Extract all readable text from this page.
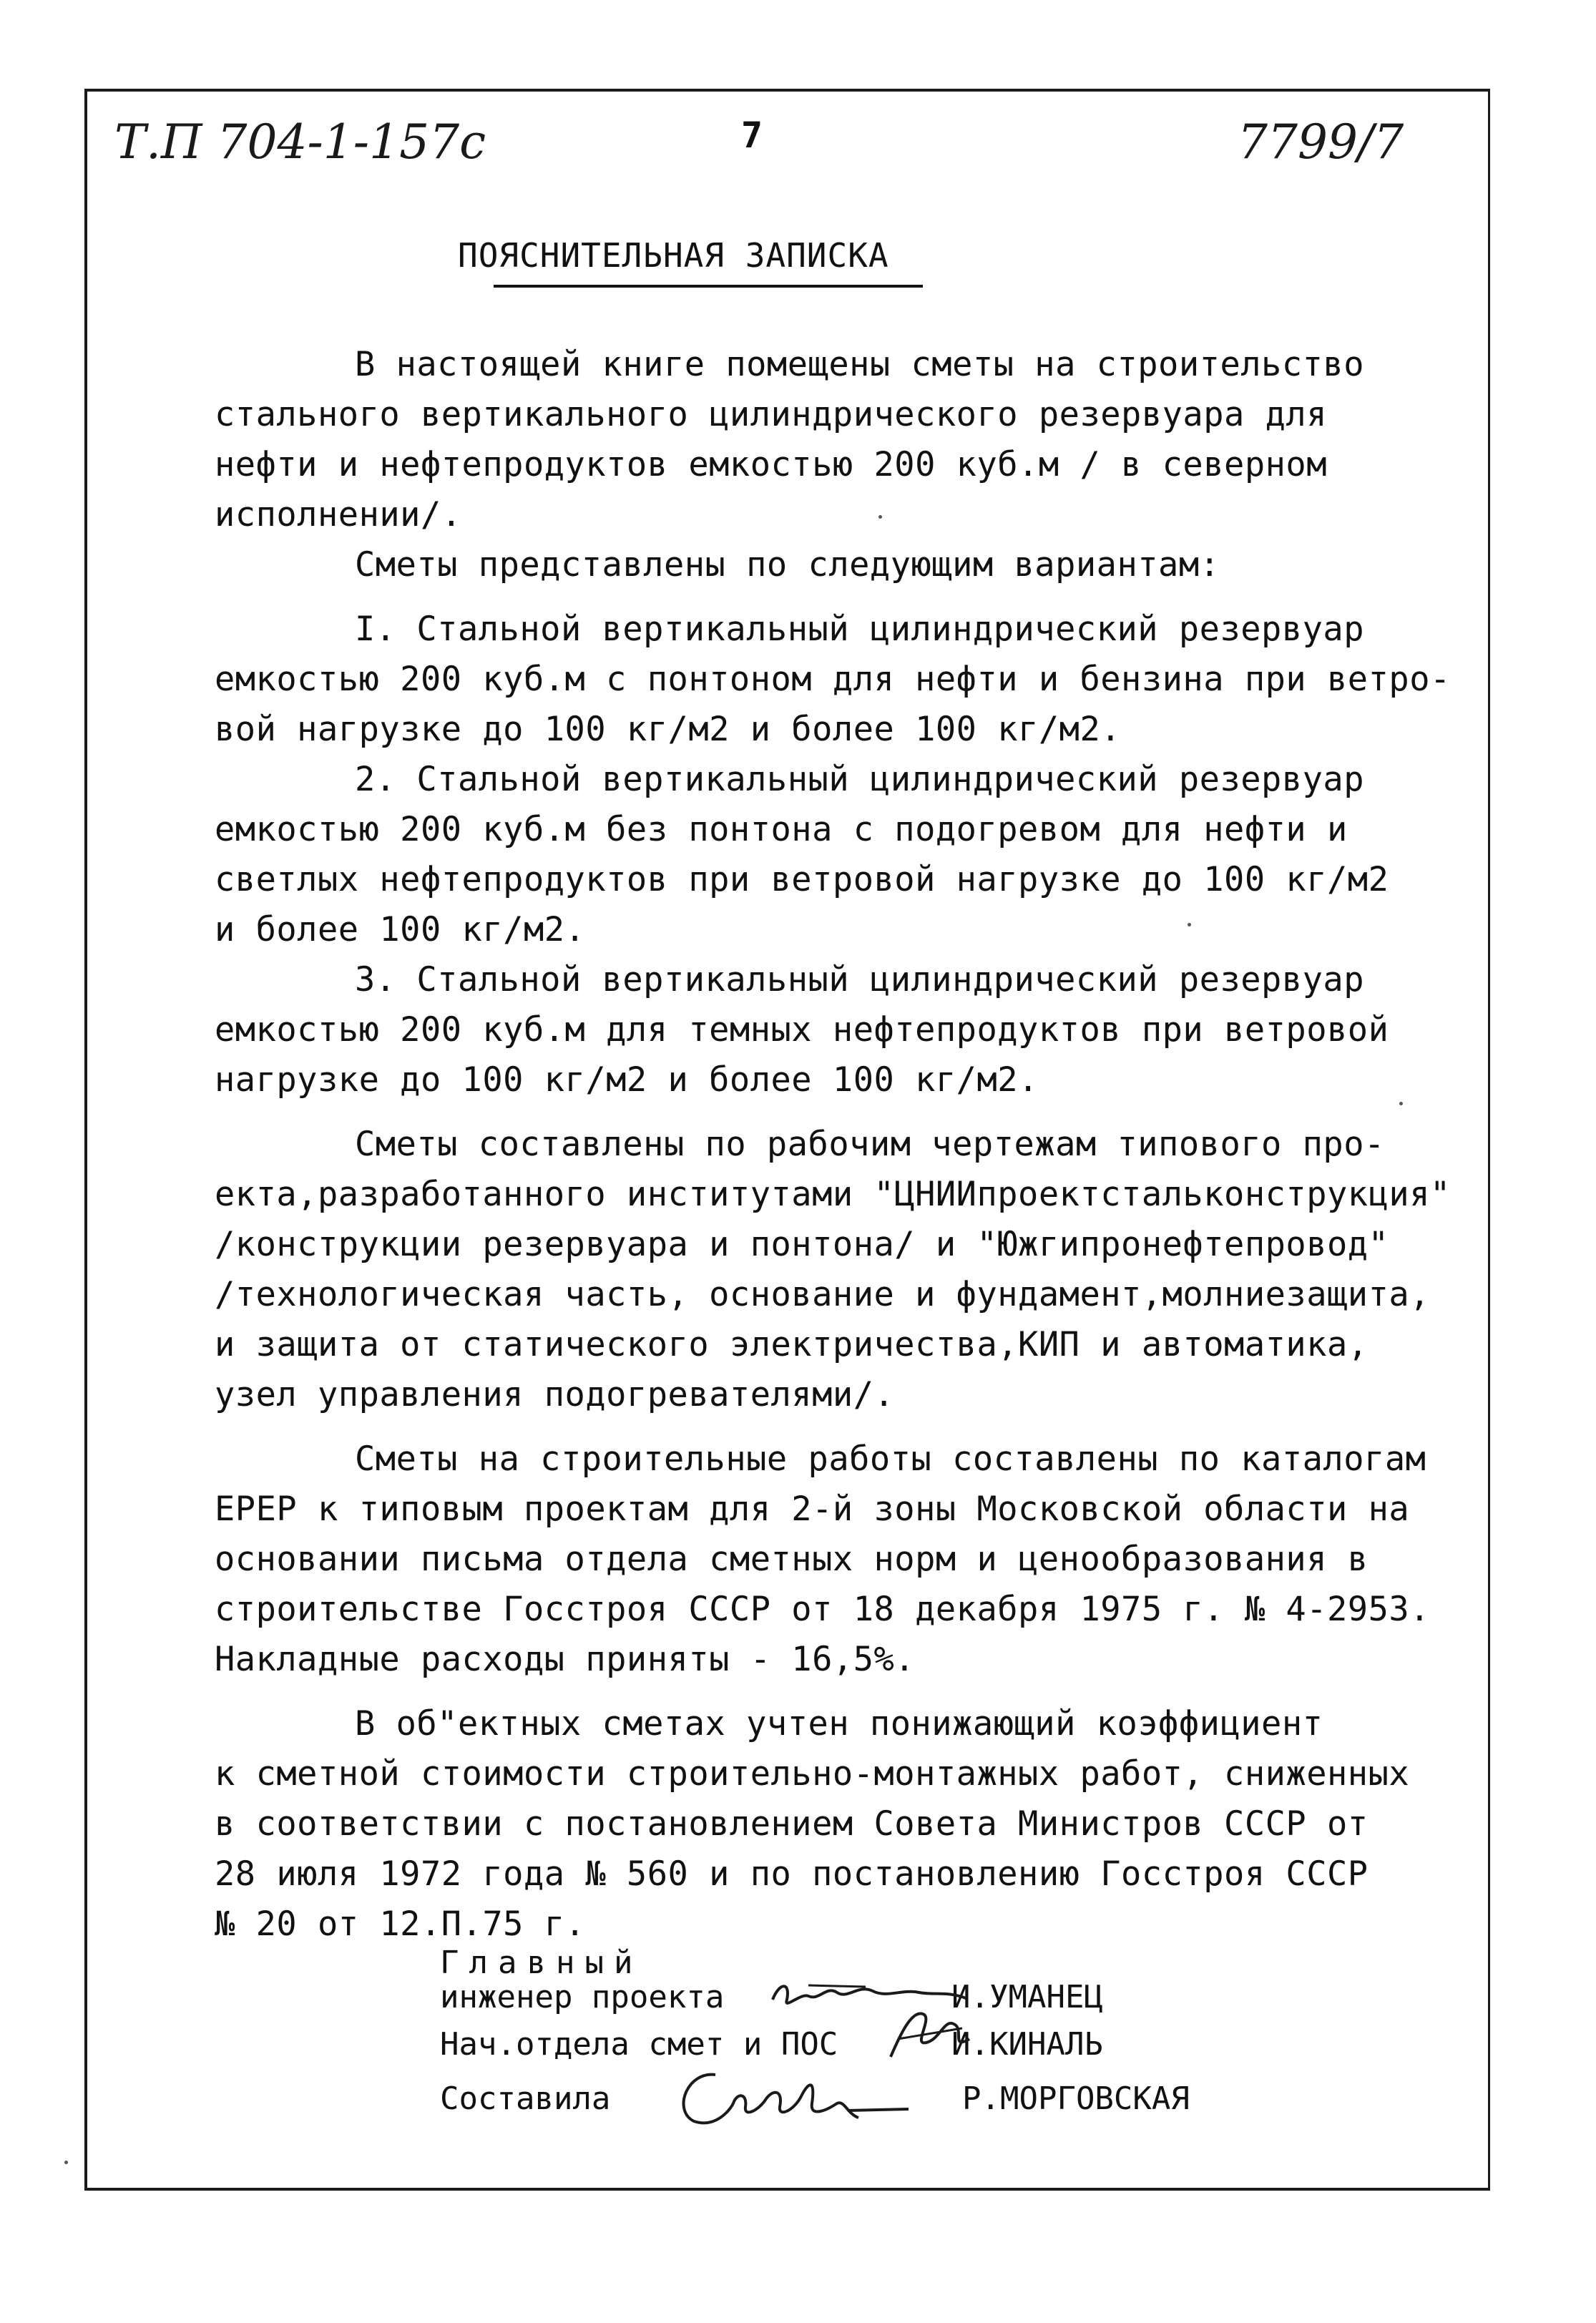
Т.П 704-1-157с	7	7799/7
ПОЯСНИТЕЛЬНАЯ ЗАПИСКА
В настоящей книге помещены сметы на строительство
стального вертикального цилиндрического резервуара для
нефти и нефтепродуктов емкостью 200 куб.м / в северном
исполнении/.
Сметы представлены по следующим вариантам:
I. Стальной вертикальный цилиндрический резервуар
емкостью 200 куб.м с понтоном для нефти и бензина при ветро-
вой нагрузке до 100 кг/м2 и более 100 кг/м2.
2. Стальной вертикальный цилиндрический резервуар
емкостью 200 куб.м без понтона с подогревом для нефти и
светлых нефтепродуктов при ветровой нагрузке до 100 кг/м2
и более 100 кг/м2.
3. Стальной вертикальный цилиндрический резервуар
емкостью 200 куб.м для темных нефтепродуктов при ветровой
нагрузке до 100 кг/м2 и более 100 кг/м2.
Сметы составлены по рабочим чертежам типового про-
екта,разработанного институтами "ЦНИИпроектстальконструкция"
/конструкции резервуара и понтона/ и "Южгипронефтепровод"
/технологическая часть, основание и фундамент,молниезащита,
и защита от статического электричества,КИП и автоматика,
узел управления подогревателями/.
Сметы на строительные работы составлены по каталогам
ЕРЕР к типовым проектам для 2-й зоны Московской области на
основании письма отдела сметных норм и ценообразования в
строительстве Госстроя СССР от 18 декабря 1975 г. № 4-2953.
Накладные расходы приняты - 16,5%.
В об"ектных сметах учтен понижающий коэффициент
к сметной стоимости строительно-монтажных работ, сниженных
в соответствии с постановлением Совета Министров СССР от
28 июля 1972 года № 560 и по постановлению Госстроя СССР
№ 20 от 12.П.75 г.
Главный
инженер проекта	И.УМАНЕЦ
Нач.отдела смет и ПОС	И.КИНАЛЬ
Составила	Р.МОРГОВСКАЯ
